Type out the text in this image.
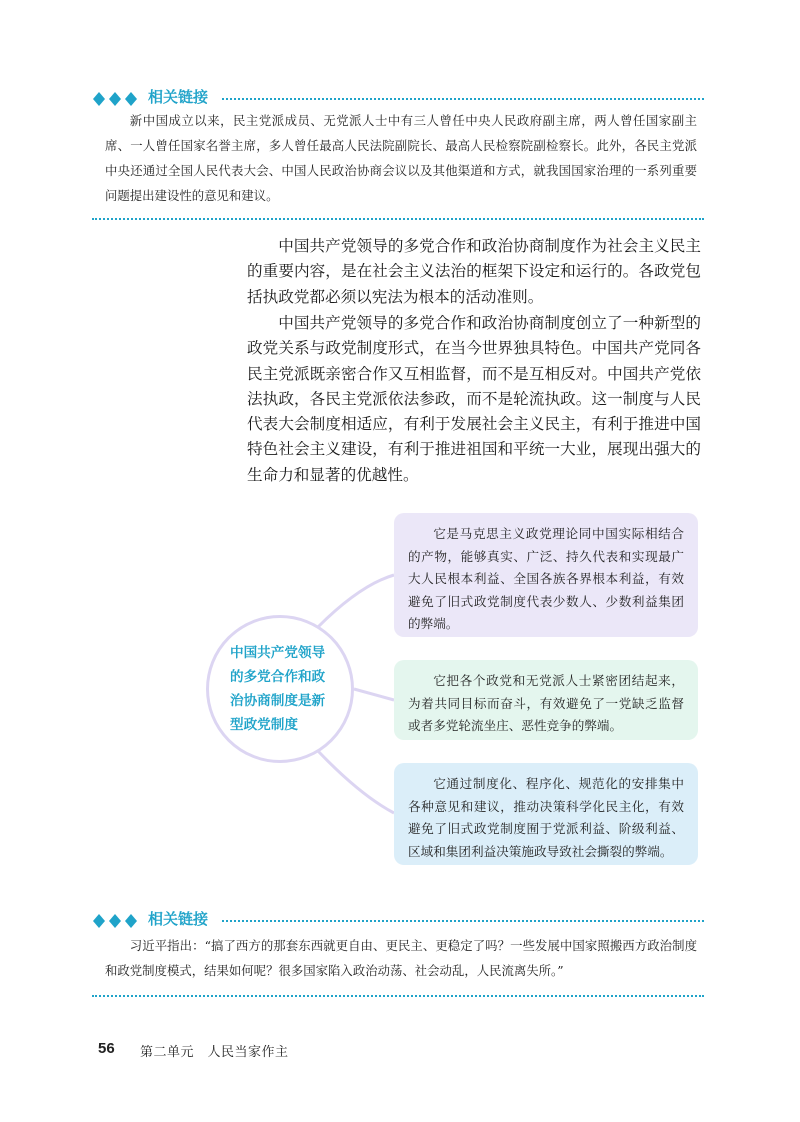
相关链接

新中国成立以来，民主党派成员、无党派人士中有三人曾任中央人民政府副主席，两人曾任国家副主席、一人曾任国家名誉主席，多人曾任最高人民法院副院长、最高人民检察院副检察长。此外，各民主党派中央还通过全国人民代表大会、中国人民政治协商会议以及其他渠道和方式，就我国国家治理的一系列重要问题提出建设性的意见和建议。

中国共产党领导的多党合作和政治协商制度作为社会主义民主的重要内容，是在社会主义法治的框架下设定和运行的。各政党包括执政党都必须以宪法为根本的活动准则。

中国共产党领导的多党合作和政治协商制度创立了一种新型的政党关系与政党制度形式，在当今世界独具特色。中国共产党同各民主党派既亲密合作又互相监督，而不是互相反对。中国共产党依法执政，各民主党派依法参政，而不是轮流执政。这一制度与人民代表大会制度相适应，有利于发展社会主义民主，有利于推进中国特色社会主义建设，有利于推进祖国和平统一大业，展现出强大的生命力和显著的优越性。

它是马克思主义政党理论同中国实际相结合的产物，能够真实、广泛、持久代表和实现最广大人民根本利益、全国各族各界根本利益，有效避免了旧式政党制度代表少数人、少数利益集团的弊端。
它把各个政党和无党派人士紧密团结起来，为着共同目标而奋斗，有效避免了一党缺乏监督或者多党轮流坐庄、恶性竞争的弊端。
它通过制度化、程序化、规范化的安排集中各种意见和建议，推动决策科学化民主化，有效避免了旧式政党制度囿于党派利益、阶级利益、区域和集团利益决策施政导致社会撕裂的弊端。
中国共产党领导的多党合作和政治协商制度是新型政党制度
相关链接

习近平指出：“搞了西方的那套东西就更自由、更民主、更稳定了吗？一些发展中国家照搬西方政治制度和政党制度模式，结果如何呢？很多国家陷入政治动荡、社会动乱，人民流离失所。”

56 第二单元　人民当家作主
